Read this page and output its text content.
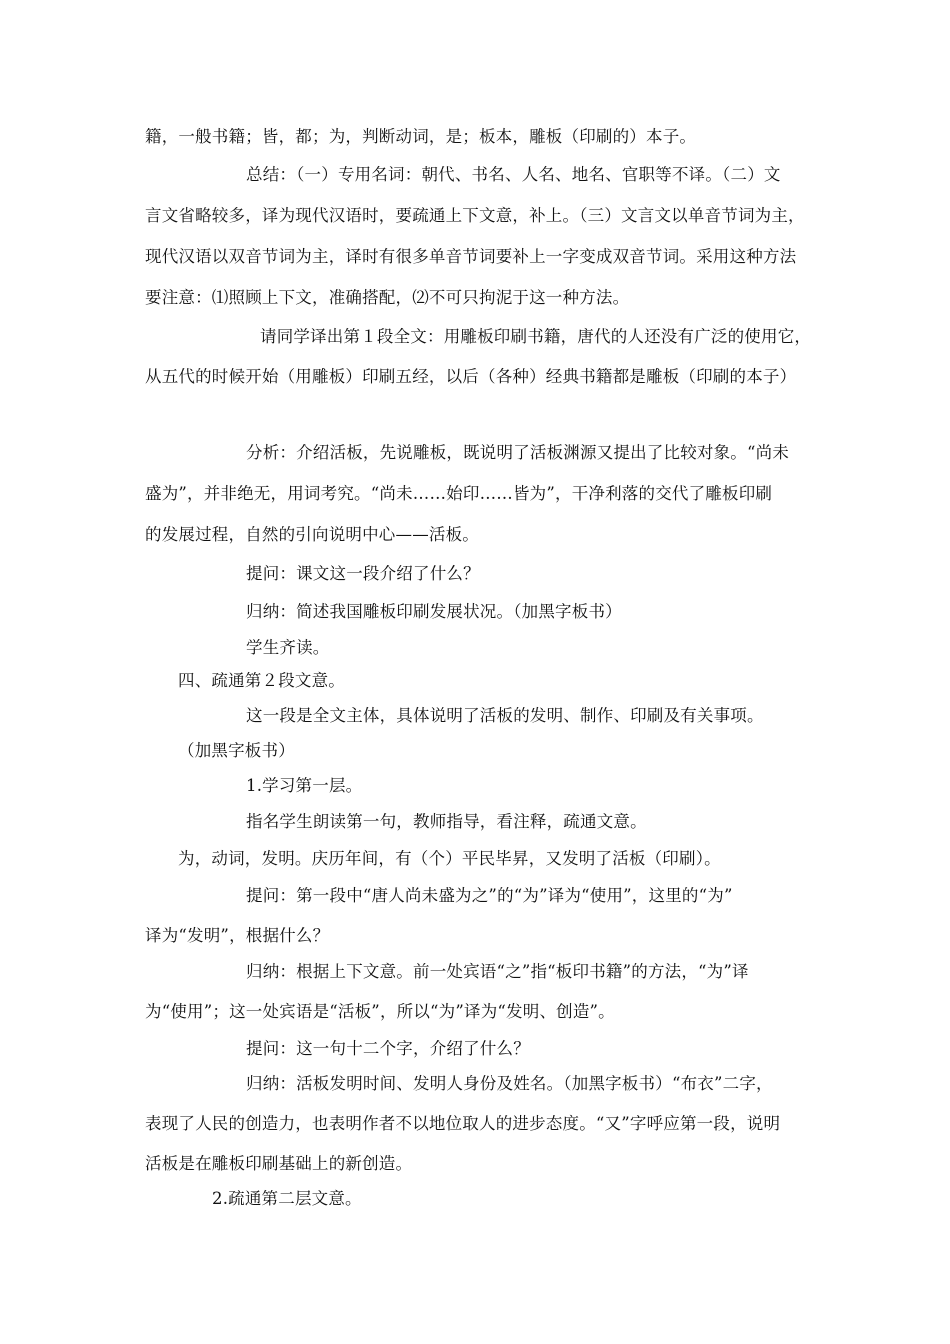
籍，一般书籍；皆，都；为，判断动词，是；板本，雕板（印刷的）本子。
总结：（一）专用名词：朝代、书名、人名、地名、官职等不译。（二）文
言文省略较多，译为现代汉语时，要疏通上下文意，补上。（三）文言文以单音节词为主，
现代汉语以双音节词为主，译时有很多单音节词要补上一字变成双音节词。采用这种方法
要注意：⑴照顾上下文，准确搭配，⑵不可只拘泥于这一种方法。
请同学译出第１段全文：用雕板印刷书籍，唐代的人还没有广泛的使用它，
从五代的时候开始（用雕板）印刷五经，以后（各种）经典书籍都是雕板（印刷的本子）
分析：介绍活板，先说雕板，既说明了活板渊源又提出了比较对象。“尚未
盛为”，并非绝无，用词考究。“尚未……始印……皆为”，干净利落的交代了雕板印刷
的发展过程，自然的引向说明中心——活板。
提问：课文这一段介绍了什么？
归纳：简述我国雕板印刷发展状况。（加黑字板书）
学生齐读。
四、疏通第２段文意。
这一段是全文主体，具体说明了活板的发明、制作、印刷及有关事项。
（加黑字板书）
1.学习第一层。
指名学生朗读第一句，教师指导，看注释，疏通文意。
为，动词，发明。庆历年间，有（个）平民毕昇，又发明了活板（印刷）。
提问：第一段中“唐人尚未盛为之”的“为”译为“使用”，这里的“为”
译为“发明”，根据什么？
归纳：根据上下文意。前一处宾语“之”指“板印书籍”的方法，“为”译
为“使用”；这一处宾语是“活板”，所以“为”译为“发明、创造”。
提问：这一句十二个字，介绍了什么？
归纳：活板发明时间、发明人身份及姓名。（加黑字板书）“布衣”二字，
表现了人民的创造力，也表明作者不以地位取人的进步态度。“又”字呼应第一段，说明
活板是在雕板印刷基础上的新创造。
2.疏通第二层文意。
